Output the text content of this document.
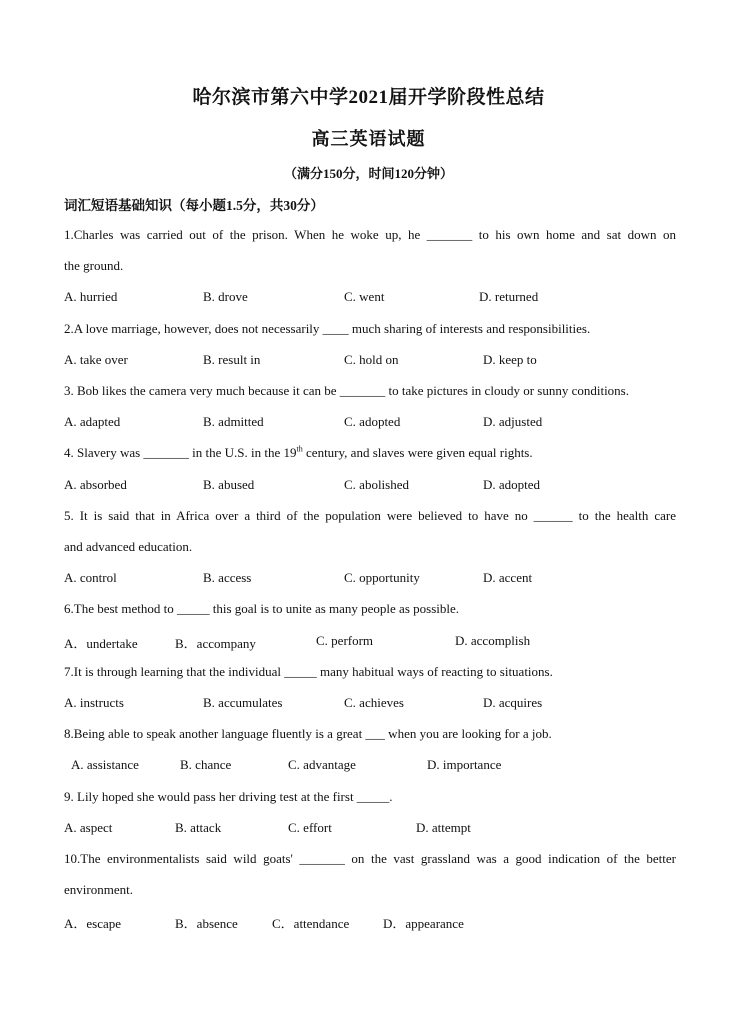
哈尔滨市第六中学2021届开学阶段性总结
高三英语试题
（满分150分，时间120分钟）
词汇短语基础知识（每小题1.5分，共30分）
1.Charles was carried out of the prison. When he woke up, he _______ to his own home and sat down on
the ground.
A. hurried	B. drove	C. went	D. returned
2.A love marriage, however, does not necessarily ____ much sharing of interests and responsibilities.
A. take over	B. result in	C. hold on	D. keep to
3. Bob likes the camera very much because it can be _______ to take pictures in cloudy or sunny conditions.
A. adapted	B. admitted	C. adopted	D. adjusted
4. Slavery was _______ in the U.S. in the 19th century, and slaves were given equal rights.
A. absorbed	B. abused	C. abolished	D. adopted
5. It is said that in Africa over a third of the population were believed to have no ______ to the health care
and advanced education.
A. control	B. access	C. opportunity	D. accent
6.The best method to _____ this goal is to unite as many people as possible.
A．undertake	B．accompany	C. perform	D. accomplish
7.It is through learning that the individual _____ many habitual ways of reacting to situations.
A. instructs	B. accumulates	C. achieves	D. acquires
8.Being able to speak another language fluently is a great ___ when you are looking for a job.
A. assistance	B. chance	C. advantage	D. importance
9. Lily hoped she would pass her driving test at the first _____.
A. aspect	B. attack	C. effort	D. attempt
10.The environmentalists said wild goats' _______ on the vast grassland was a good indication of the better
environment.
A．escape	B．absence	C．attendance	D．appearance
